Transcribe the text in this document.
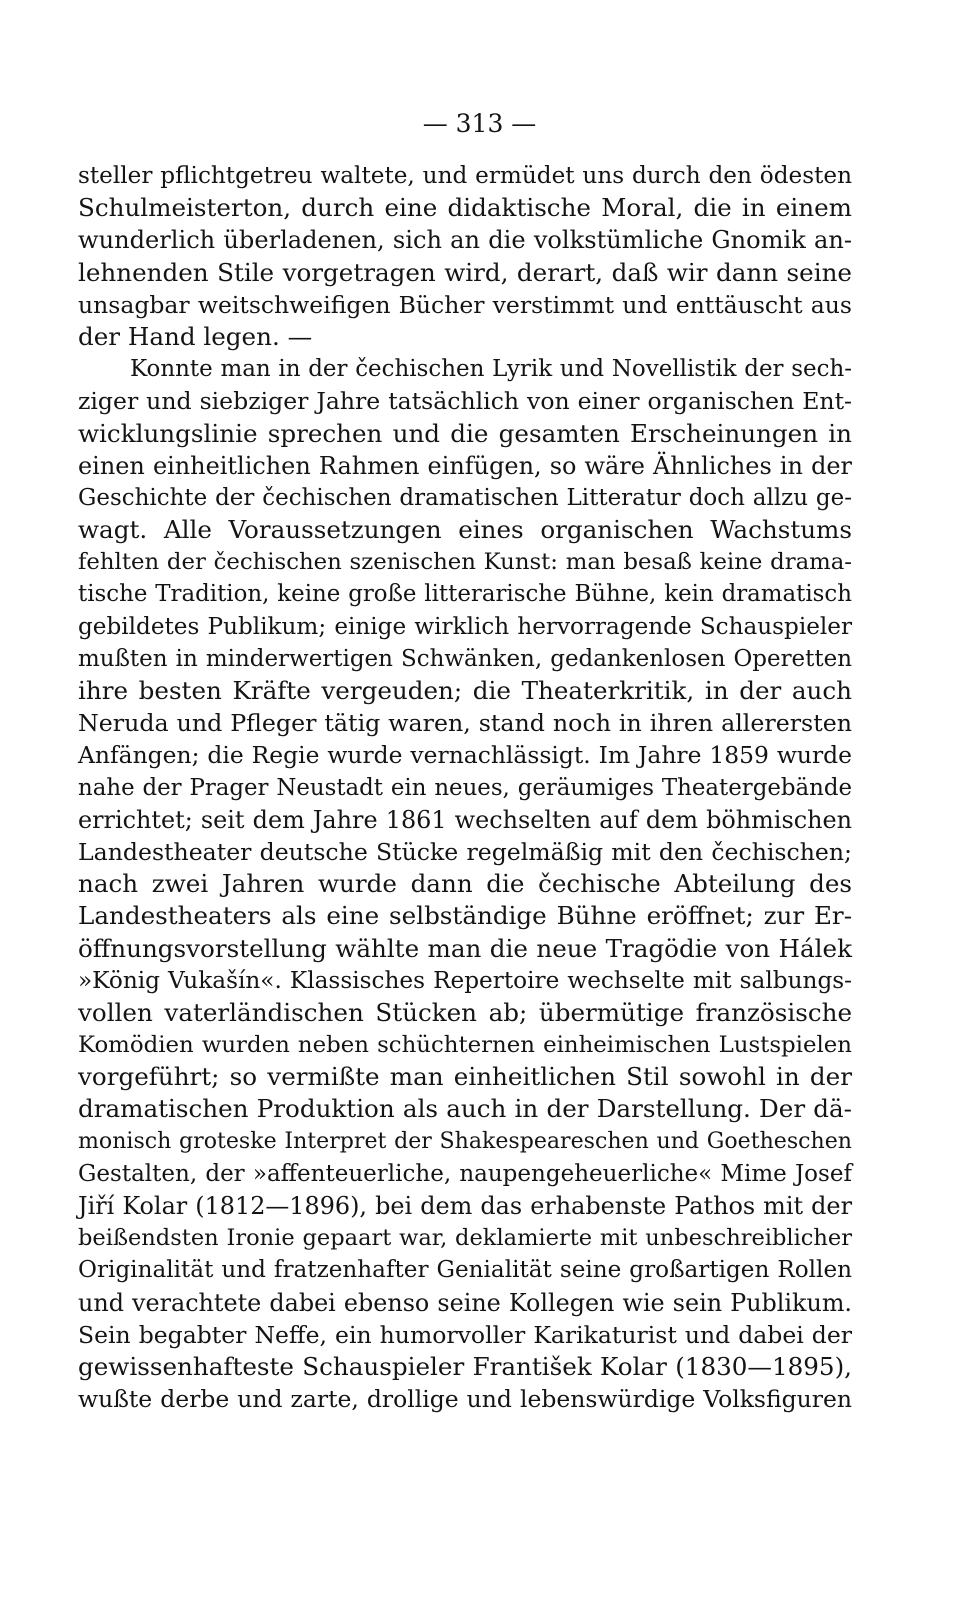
— 313 —
steller pflichtgetreu waltete, und ermüdet uns durch den ödesten
Schulmeisterton, durch eine didaktische Moral, die in einem
wunderlich überladenen, sich an die volkstümliche Gnomik an-
lehnenden Stile vorgetragen wird, derart, daß wir dann seine
unsagbar weitschweifigen Bücher verstimmt und enttäuscht aus
der Hand legen. —
Konnte man in der čechischen Lyrik und Novellistik der sech-
ziger und siebziger Jahre tatsächlich von einer organischen Ent-
wicklungslinie sprechen und die gesamten Erscheinungen in
einen einheitlichen Rahmen einfügen, so wäre Ähnliches in der
Geschichte der čechischen dramatischen Litteratur doch allzu ge-
wagt. Alle Voraussetzungen eines organischen Wachstums
fehlten der čechischen szenischen Kunst: man besaß keine drama-
tische Tradition, keine große litterarische Bühne, kein dramatisch
gebildetes Publikum; einige wirklich hervorragende Schauspieler
mußten in minderwertigen Schwänken, gedankenlosen Operetten
ihre besten Kräfte vergeuden; die Theaterkritik, in der auch
Neruda und Pfleger tätig waren, stand noch in ihren allerersten
Anfängen; die Regie wurde vernachlässigt. Im Jahre 1859 wurde
nahe der Prager Neustadt ein neues, geräumiges Theatergebände
errichtet; seit dem Jahre 1861 wechselten auf dem böhmischen
Landestheater deutsche Stücke regelmäßig mit den čechischen;
nach zwei Jahren wurde dann die čechische Abteilung des
Landestheaters als eine selbständige Bühne eröffnet; zur Er-
öffnungsvorstellung wählte man die neue Tragödie von Hálek
»König Vukašín«. Klassisches Repertoire wechselte mit salbungs-
vollen vaterländischen Stücken ab; übermütige französische
Komödien wurden neben schüchternen einheimischen Lustspielen
vorgeführt; so vermißte man einheitlichen Stil sowohl in der
dramatischen Produktion als auch in der Darstellung. Der dä-
monisch groteske Interpret der Shakespeareschen und Goetheschen
Gestalten, der »affenteuerliche, naupengeheuerliche« Mime Josef
Jiří Kolar (1812—1896), bei dem das erhabenste Pathos mit der
beißendsten Ironie gepaart war, deklamierte mit unbeschreiblicher
Originalität und fratzenhafter Genialität seine großartigen Rollen
und verachtete dabei ebenso seine Kollegen wie sein Publikum.
Sein begabter Neffe, ein humorvoller Karikaturist und dabei der
gewissenhafteste Schauspieler František Kolar (1830—1895),
wußte derbe und zarte, drollige und lebenswürdige Volksfiguren
